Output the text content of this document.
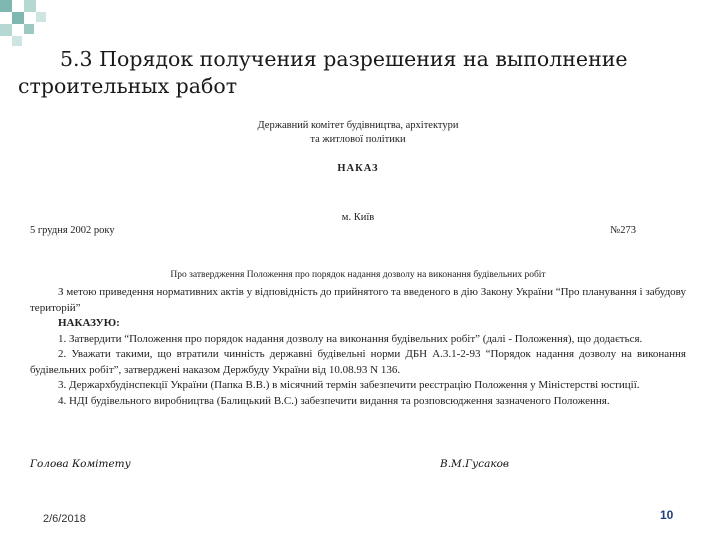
5.3 Порядок получения разрешения на выполнение
строительных работ
Державний комітет будівництва, архітектури
та житлової політики
НАКАЗ
м. Київ
5 грудня 2002 року	№273
Про затвердження Положення про порядок надання дозволу на виконання будівельних робіт

З метою приведення нормативних актів у відповідність до прийнятого та введеного в дію Закону України “Про планування і забудову територій”

НАКАЗУЮ:

1. Затвердити “Положення про порядок надання дозволу на виконання будівельних робіт” (далі - Положення), що додається.

2. Уважати такими, що втратили чинність державні будівельні норми ДБН А.3.1-2-93 “Порядок надання дозволу на виконання будівельних робіт”, затверджені наказом Держбуду України від 10.08.93 N 136.

3. Держархбудінспекції України (Папка В.В.) в місячний термін забезпечити реєстрацію Положення у Міністерстві юстиції.

4. НДІ будівельного виробництва (Балицький В.С.) забезпечити видання та розповсюдження зазначеного Положення.

Голова Комітету	В.М.Гусаков
2/6/2018	10
